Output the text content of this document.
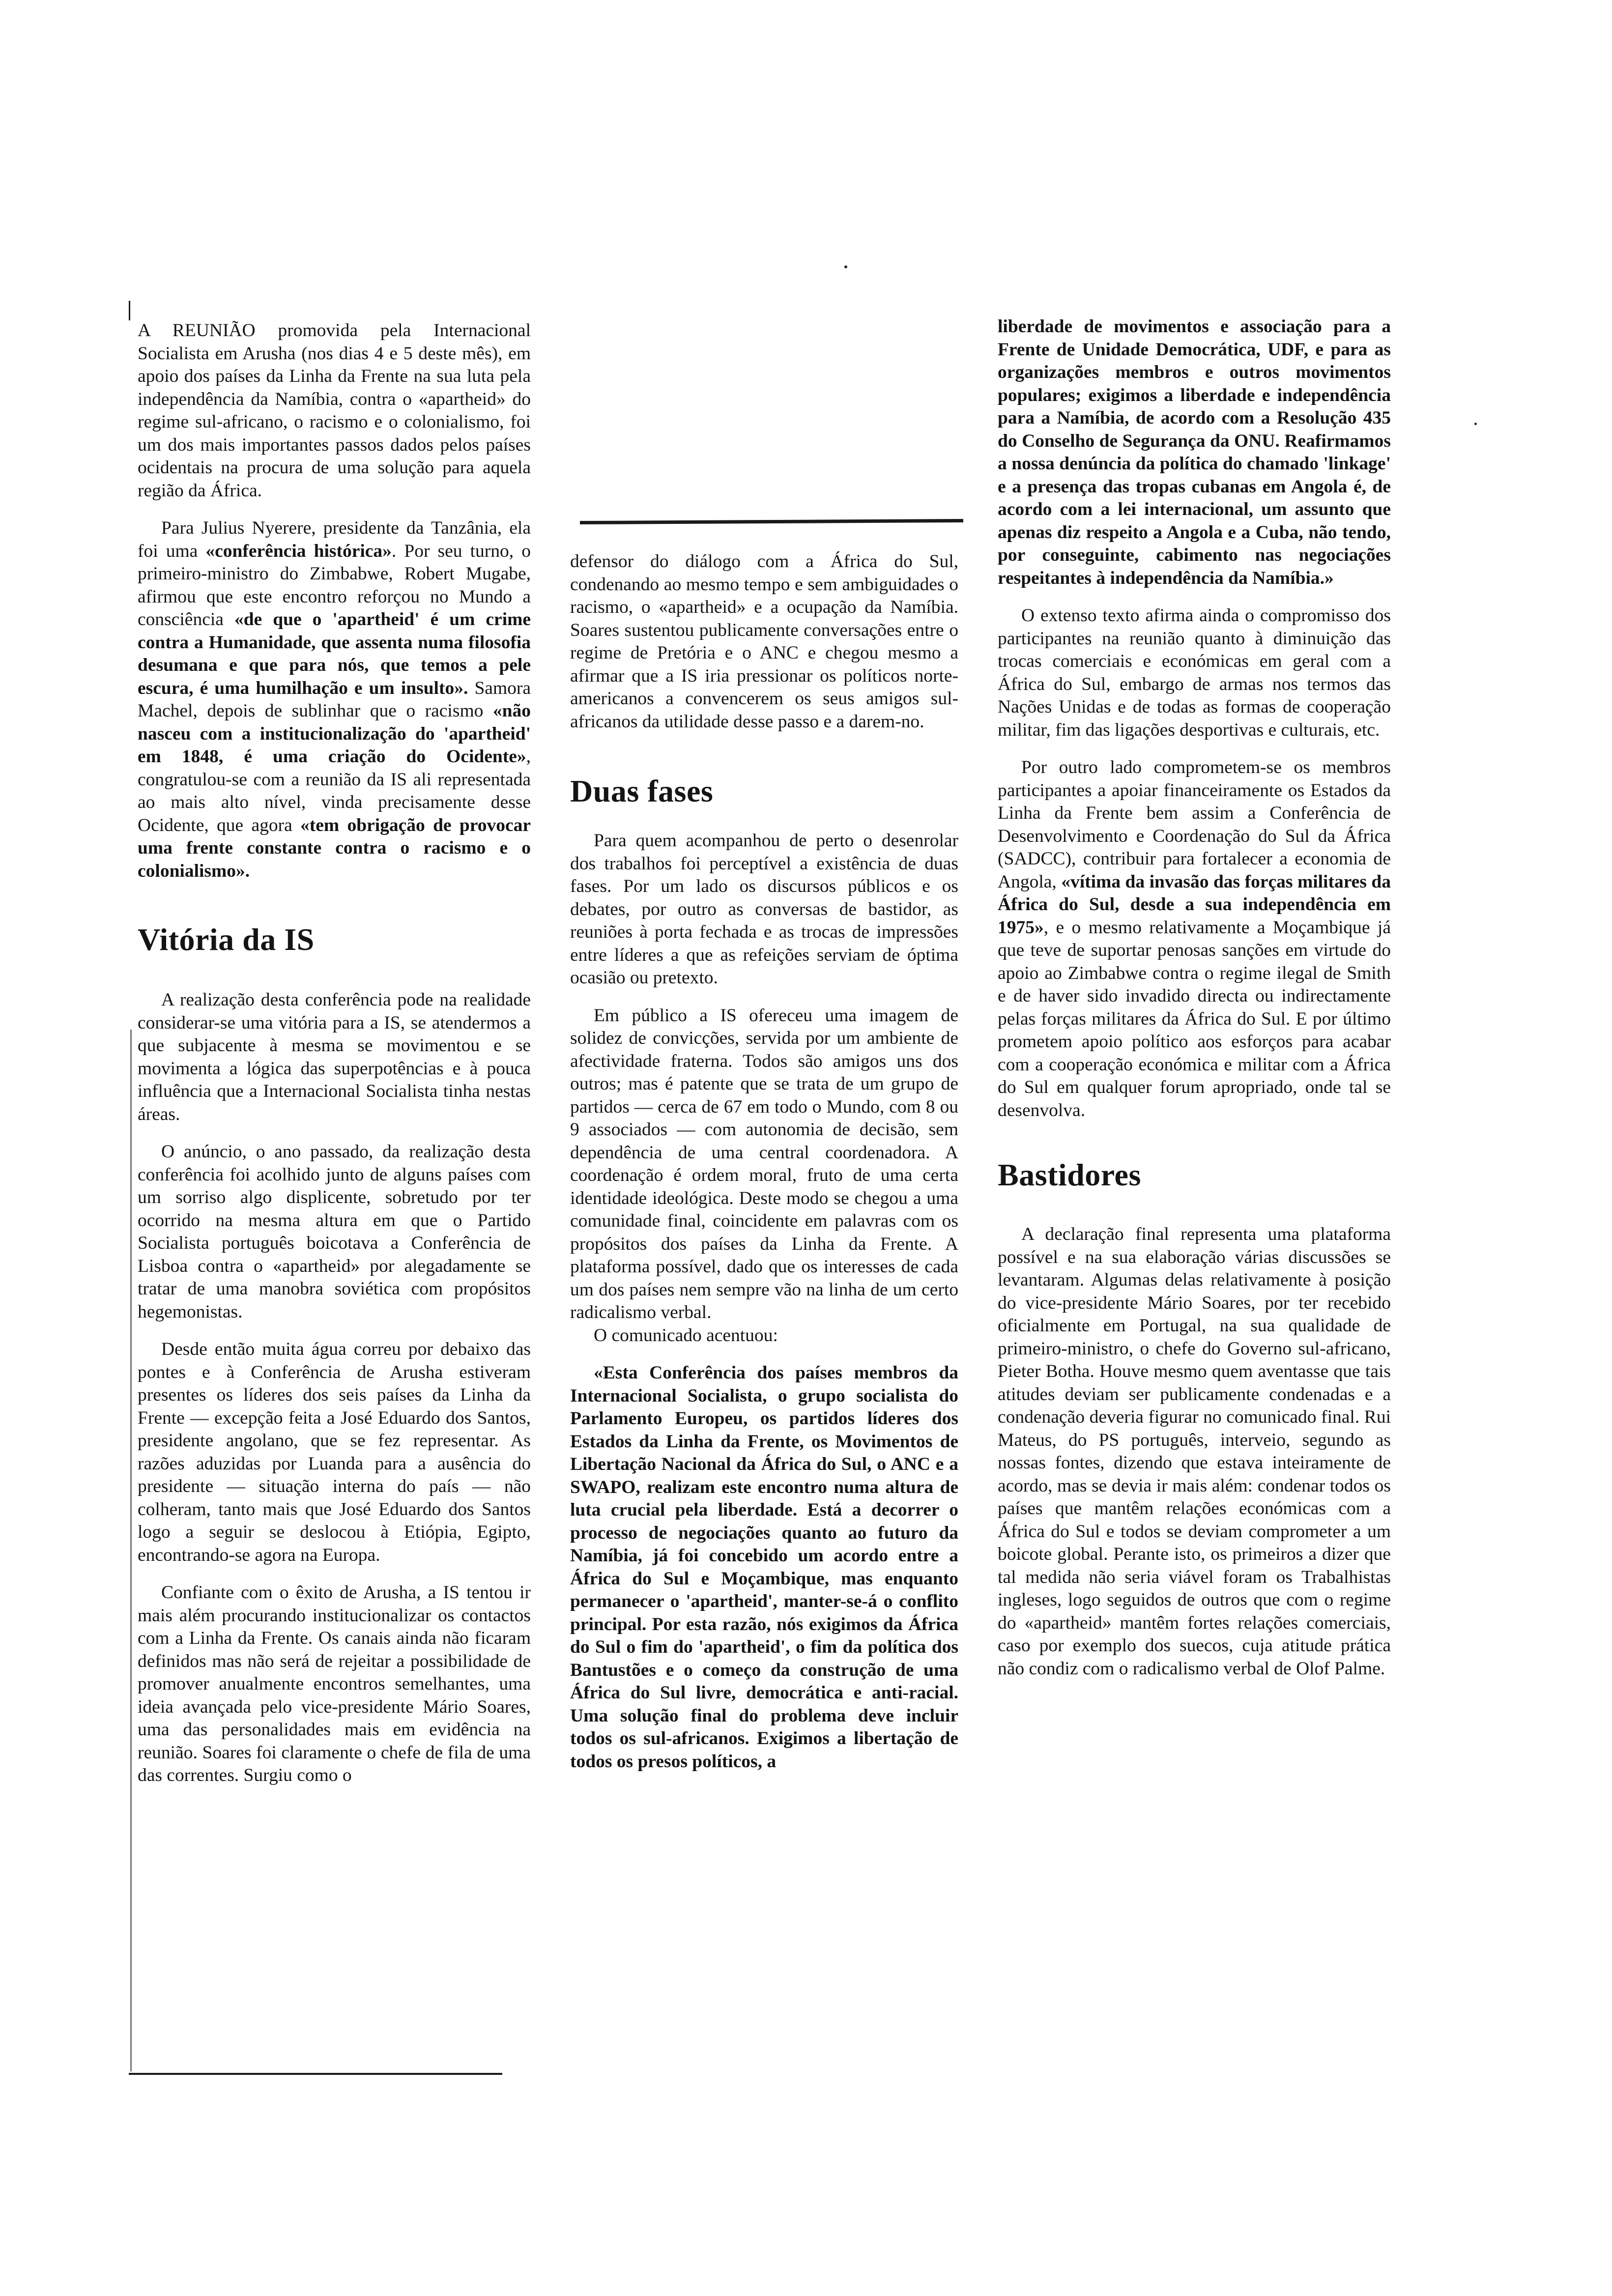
A REUNIÃO promovida pela Internacional Socialista em Arusha (nos dias 4 e 5 deste mês), em apoio dos países da Linha da Frente na sua luta pela independência da Namíbia, contra o «apartheid» do regime sul-africano, o racismo e o colonialismo, foi um dos mais importantes passos dados pelos países ocidentais na procura de uma solução para aquela região da África.

Para Julius Nyerere, presidente da Tanzânia, ela foi uma «conferência histórica». Por seu turno, o primeiro-ministro do Zimbabwe, Robert Mugabe, afirmou que este encontro reforçou no Mundo a consciência «de que o 'apartheid' é um crime contra a Humanidade, que assenta numa filosofia desumana e que para nós, que temos a pele escura, é uma humilhação e um insulto». Samora Machel, depois de sublinhar que o racismo «não nasceu com a institucionalização do 'apartheid' em 1848, é uma criação do Ocidente», congratulou-se com a reunião da IS ali representada ao mais alto nível, vinda precisamente desse Ocidente, que agora «tem obrigação de provocar uma frente constante contra o racismo e o colonialismo».

Vitória da IS

A realização desta conferência pode na realidade considerar-se uma vitória para a IS, se atendermos a que subjacente à mesma se movimentou e se movimenta a lógica das superpotências e à pouca influência que a Internacional Socialista tinha nestas áreas.

O anúncio, o ano passado, da realização desta conferência foi acolhido junto de alguns países com um sorriso algo displicente, sobretudo por ter ocorrido na mesma altura em que o Partido Socialista português boicotava a Conferência de Lisboa contra o «apartheid» por alegadamente se tratar de uma manobra soviética com propósitos hegemonistas.

Desde então muita água correu por debaixo das pontes e à Conferência de Arusha estiveram presentes os líderes dos seis países da Linha da Frente — excepção feita a José Eduardo dos Santos, presidente angolano, que se fez representar. As razões aduzidas por Luanda para a ausência do presidente — situação interna do país — não colheram, tanto mais que José Eduardo dos Santos logo a seguir se deslocou à Etiópia, Egipto, encontrando-se agora na Europa.

Confiante com o êxito de Arusha, a IS tentou ir mais além procurando institucionalizar os contactos com a Linha da Frente. Os canais ainda não ficaram definidos mas não será de rejeitar a possibilidade de promover anualmente encontros semelhantes, uma ideia avançada pelo vice-presidente Mário Soares, uma das personalidades mais em evidência na reunião. Soares foi claramente o chefe de fila de uma das correntes. Surgiu como o

defensor do diálogo com a África do Sul, condenando ao mesmo tempo e sem ambiguidades o racismo, o «apartheid» e a ocupação da Namíbia. Soares sustentou publicamente conversações entre o regime de Pretória e o ANC e chegou mesmo a afirmar que a IS iria pressionar os políticos norte-americanos a convencerem os seus amigos sul-africanos da utilidade desse passo e a darem-no.

Duas fases

Para quem acompanhou de perto o desenrolar dos trabalhos foi perceptível a existência de duas fases. Por um lado os discursos públicos e os debates, por outro as conversas de bastidor, as reuniões à porta fechada e as trocas de impressões entre líderes a que as refeições serviam de óptima ocasião ou pretexto.

Em público a IS ofereceu uma imagem de solidez de convicções, servida por um ambiente de afectividade fraterna. Todos são amigos uns dos outros; mas é patente que se trata de um grupo de partidos — cerca de 67 em todo o Mundo, com 8 ou 9 associados — com autonomia de decisão, sem dependência de uma central coordenadora. A coordenação é ordem moral, fruto de uma certa identidade ideológica. Deste modo se chegou a uma comunidade final, coincidente em palavras com os propósitos dos países da Linha da Frente. A plataforma possível, dado que os interesses de cada um dos países nem sempre vão na linha de um certo radicalismo verbal.

O comunicado acentuou:

«Esta Conferência dos países membros da Internacional Socialista, o grupo socialista do Parlamento Europeu, os partidos líderes dos Estados da Linha da Frente, os Movimentos de Libertação Nacional da África do Sul, o ANC e a SWAPO, realizam este encontro numa altura de luta crucial pela liberdade. Está a decorrer o processo de negociações quanto ao futuro da Namíbia, já foi concebido um acordo entre a África do Sul e Moçambique, mas enquanto permanecer o 'apartheid', manter-se-á o conflito principal. Por esta razão, nós exigimos da África do Sul o fim do 'apartheid', o fim da política dos Bantustões e o começo da construção de uma África do Sul livre, democrática e anti-racial. Uma solução final do problema deve incluir todos os sul-africanos. Exigimos a libertação de todos os presos políticos, a

liberdade de movimentos e associação para a Frente de Unidade Democrática, UDF, e para as organizações membros e outros movimentos populares; exigimos a liberdade e independência para a Namíbia, de acordo com a Resolução 435 do Conselho de Segurança da ONU. Reafirmamos a nossa denúncia da política do chamado 'linkage' e a presença das tropas cubanas em Angola é, de acordo com a lei internacional, um assunto que apenas diz respeito a Angola e a Cuba, não tendo, por conseguinte, cabimento nas negociações respeitantes à independência da Namíbia.»

O extenso texto afirma ainda o compromisso dos participantes na reunião quanto à diminuição das trocas comerciais e económicas em geral com a África do Sul, embargo de armas nos termos das Nações Unidas e de todas as formas de cooperação militar, fim das ligações desportivas e culturais, etc.

Por outro lado comprometem-se os membros participantes a apoiar financeiramente os Estados da Linha da Frente bem assim a Conferência de Desenvolvimento e Coordenação do Sul da África (SADCC), contribuir para fortalecer a economia de Angola, «vítima da invasão das forças militares da África do Sul, desde a sua independência em 1975», e o mesmo relativamente a Moçambique já que teve de suportar penosas sanções em virtude do apoio ao Zimbabwe contra o regime ilegal de Smith e de haver sido invadido directa ou indirectamente pelas forças militares da África do Sul. E por último prometem apoio político aos esforços para acabar com a cooperação económica e militar com a África do Sul em qualquer forum apropriado, onde tal se desenvolva.

Bastidores

A declaração final representa uma plataforma possível e na sua elaboração várias discussões se levantaram. Algumas delas relativamente à posição do vice-presidente Mário Soares, por ter recebido oficialmente em Portugal, na sua qualidade de primeiro-ministro, o chefe do Governo sul-africano, Pieter Botha. Houve mesmo quem aventasse que tais atitudes deviam ser publicamente condenadas e a condenação deveria figurar no comunicado final. Rui Mateus, do PS português, interveio, segundo as nossas fontes, dizendo que estava inteiramente de acordo, mas se devia ir mais além: condenar todos os países que mantêm relações económicas com a África do Sul e todos se deviam comprometer a um boicote global. Perante isto, os primeiros a dizer que tal medida não seria viável foram os Trabalhistas ingleses, logo seguidos de outros que com o regime do «apartheid» mantêm fortes relações comerciais, caso por exemplo dos suecos, cuja atitude prática não condiz com o radicalismo verbal de Olof Palme.
